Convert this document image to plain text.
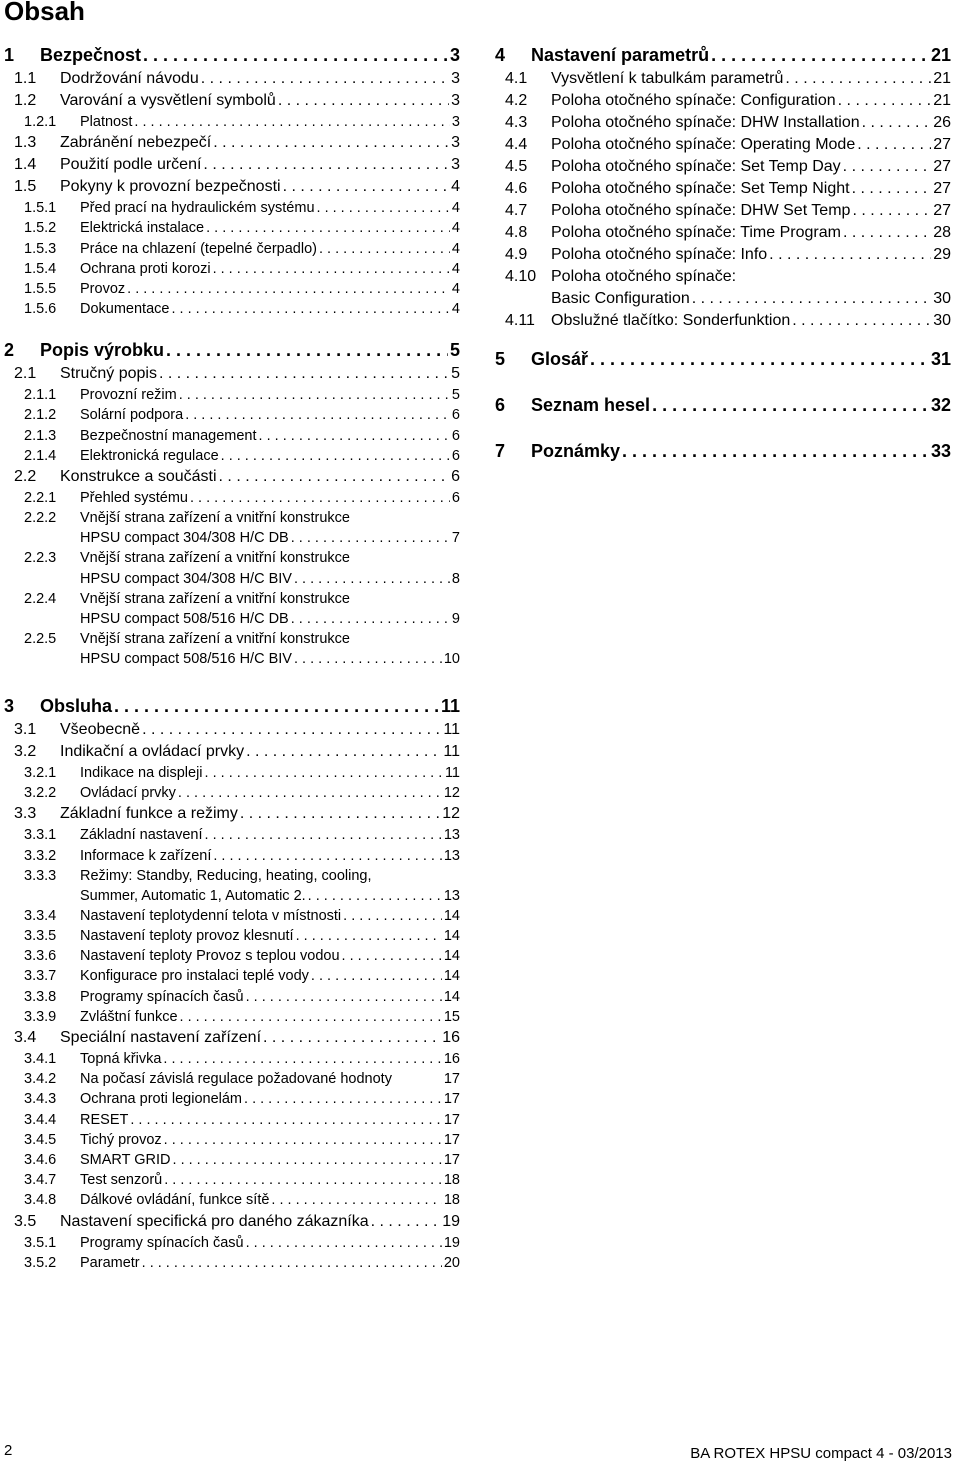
Obsah
1	Bezpečnost . . .	3
1.1	Dodržování návodu . . .	3
1.2	Varování a vysvětlení symbolů . . .	3
1.2.1	Platnost . . .	3
1.3	Zabránění nebezpečí . . .	3
1.4	Použití podle určení . . .	3
1.5	Pokyny k provozní bezpečnosti . . .	4
1.5.1	Před prací na hydraulickém systému . . .	4
1.5.2	Elektrická instalace . . .	4
1.5.3	Práce na chlazení (tepelné čerpadlo) . . .	4
1.5.4	Ochrana proti korozi . . .	4
1.5.5	Provoz . . .	4
1.5.6	Dokumentace . . .	4
2	Popis výrobku . . .	5
2.1	Stručný popis . . .	5
2.1.1	Provozní režim . . .	5
2.1.2	Solární podpora . . .	6
2.1.3	Bezpečnostní management . . .	6
2.1.4	Elektronická regulace . . .	6
2.2	Konstrukce a součásti . . .	6
2.2.1	Přehled systému . . .	6
2.2.2	Vnější strana zařízení a vnitřní konstrukce
HPSU compact 304/308 H/C DB . . .	7
2.2.3	Vnější strana zařízení a vnitřní konstrukce
HPSU compact 304/308 H/C BIV . . .	8
2.2.4	Vnější strana zařízení a vnitřní konstrukce
HPSU compact 508/516 H/C DB . . .	9
2.2.5	Vnější strana zařízení a vnitřní konstrukce
HPSU compact 508/516 H/C BIV . . .	10
4	Nastavení parametrů . . .	21
4.1	Vysvětlení k tabulkám parametrů . . .	21
4.2	Poloha otočného spínače: Configuration . . .	21
4.3	Poloha otočného spínače: DHW Installation . . .	26
4.4	Poloha otočného spínače: Operating Mode . . .	27
4.5	Poloha otočného spínače: Set Temp Day . . .	27
4.6	Poloha otočného spínače: Set Temp Night . . .	27
4.7	Poloha otočného spínače: DHW Set Temp . . .	27
4.8	Poloha otočného spínače: Time Program . . .	28
4.9	Poloha otočného spínače: Info . . .	29
4.10 Poloha otočného spínače:
Basic Configuration . . .	30
4.11	Obslužné tlačítko: Sonderfunktion . . .	30
5	Glosář . . .	31
6	Seznam hesel . . .	32
7	Poznámky . . .	33
3	Obsluha . . .	11
3.1	Všeobecně . . .	11
3.2	Indikační a ovládací prvky . . .	11
3.2.1	Indikace na displeji . . .	11
3.2.2	Ovládací prvky . . .	12
3.3	Základní funkce a režimy . . .	12
3.3.1	Základní nastavení . . .	13
3.3.2	Informace k zařízení . . .	13
3.3.3	Režimy: Standby, Reducing, heating, cooling,
Summer, Automatic 1, Automatic 2. . . .	13
3.3.4	Nastavení teplotydenní telota v místnosti . . .	14
3.3.5	Nastavení teploty provoz klesnutí . . .	14
3.3.6	Nastavení teploty Provoz s teplou vodou . . .	14
3.3.7	Konfigurace pro instalaci teplé vody . . .	14
3.3.8	Programy spínacích časů . . .	14
3.3.9	Zvláštní funkce . . .	15
3.4	Speciální nastavení zařízení . . .	16
3.4.1	Topná křivka . . .	16
3.4.2	Na počasí závislá regulace požadované hodnoty	17
3.4.3	Ochrana proti legionelám . . .	17
3.4.4	RESET . . .	17
3.4.5	Tichý provoz . . .	17
3.4.6	SMART GRID . . .	17
3.4.7	Test senzorů . . .	18
3.4.8	Dálkové ovládání, funkce sítě . . .	18
3.5	Nastavení specifická pro daného zákazníka . . .	19
3.5.1	Programy spínacích časů . . .	19
3.5.2	Parametr . . .	20
2	BA ROTEX HPSU compact 4 - 03/2013
